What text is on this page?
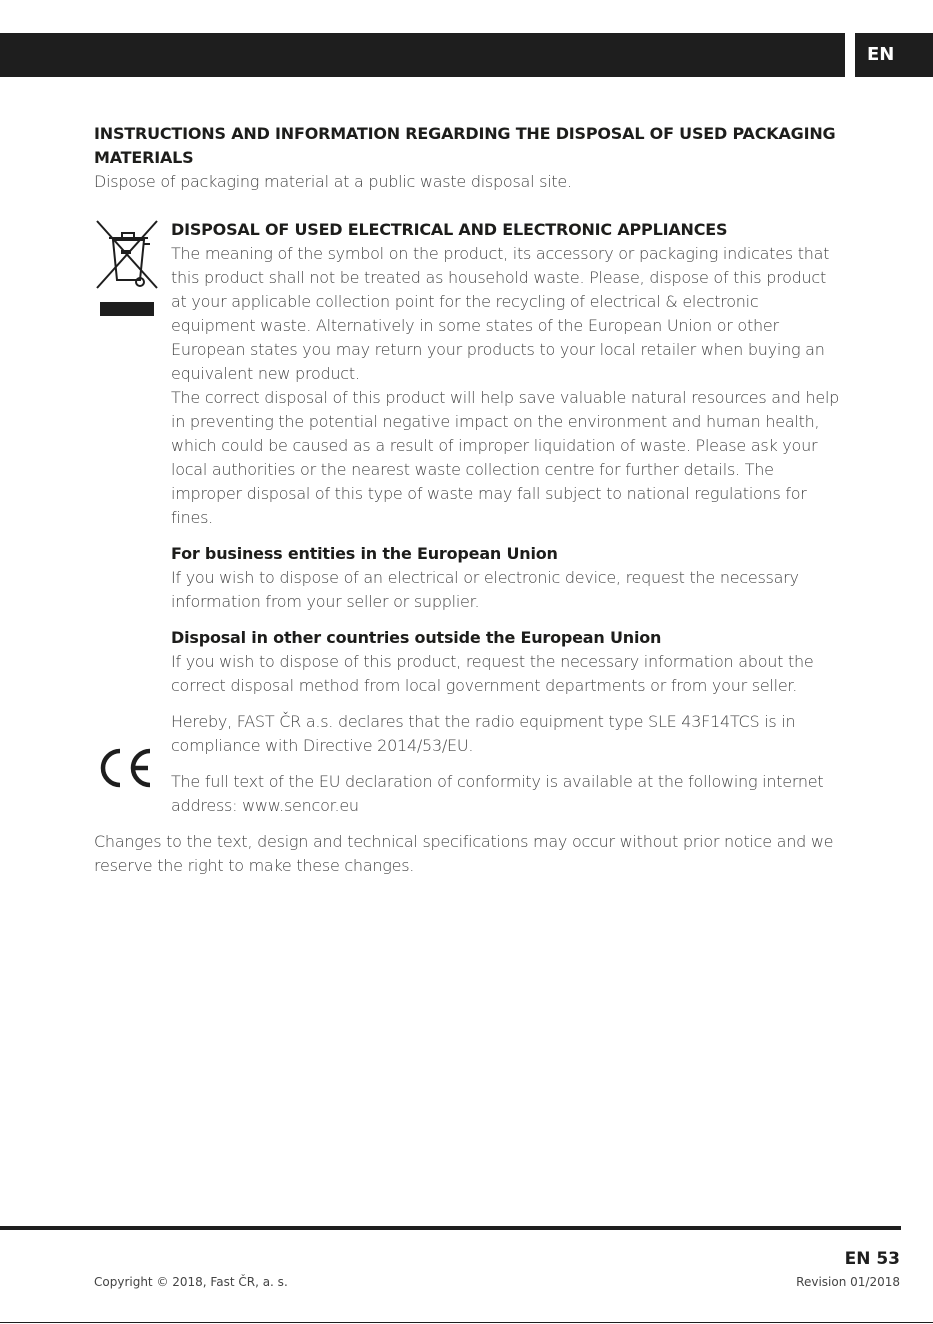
EN
INSTRUCTIONS AND INFORMATION REGARDING THE DISPOSAL OF USED PACKAGING MATERIALS
Dispose of packaging material at a public waste disposal site.
DISPOSAL OF USED ELECTRICAL AND ELECTRONIC APPLIANCES
The meaning of the symbol on the product, its accessory or packaging indicates that this product shall not be treated as household waste. Please, dispose of this product at your applicable collection point for the recycling of electrical & electronic equipment waste. Alternatively in some states of the European Union or other European states you may return your products to your local retailer when buying an equivalent new product.
The correct disposal of this product will help save valuable natural resources and help in preventing the potential negative impact on the environment and human health, which could be caused as a result of improper liquidation of waste. Please ask your local authorities or the nearest waste collection centre for further details. The improper disposal of this type of waste may fall subject to national regulations for fines.
For business entities in the European Union
If you wish to dispose of an electrical or electronic device, request the necessary information from your seller or supplier.
Disposal in other countries outside the European Union
If you wish to dispose of this product, request the necessary information about the correct disposal method from local government departments or from your seller.
Hereby, FAST ČR a.s. declares that the radio equipment type SLE 43F14TCS is in compliance with Directive 2014/53/EU.
The full text of the EU declaration of conformity is available at the following internet address: www.sencor.eu
Changes to the text, design and technical specifications may occur without prior notice and we reserve the right to make these changes.
EN 53
Copyright © 2018, Fast ČR, a. s.	Revision 01/2018
